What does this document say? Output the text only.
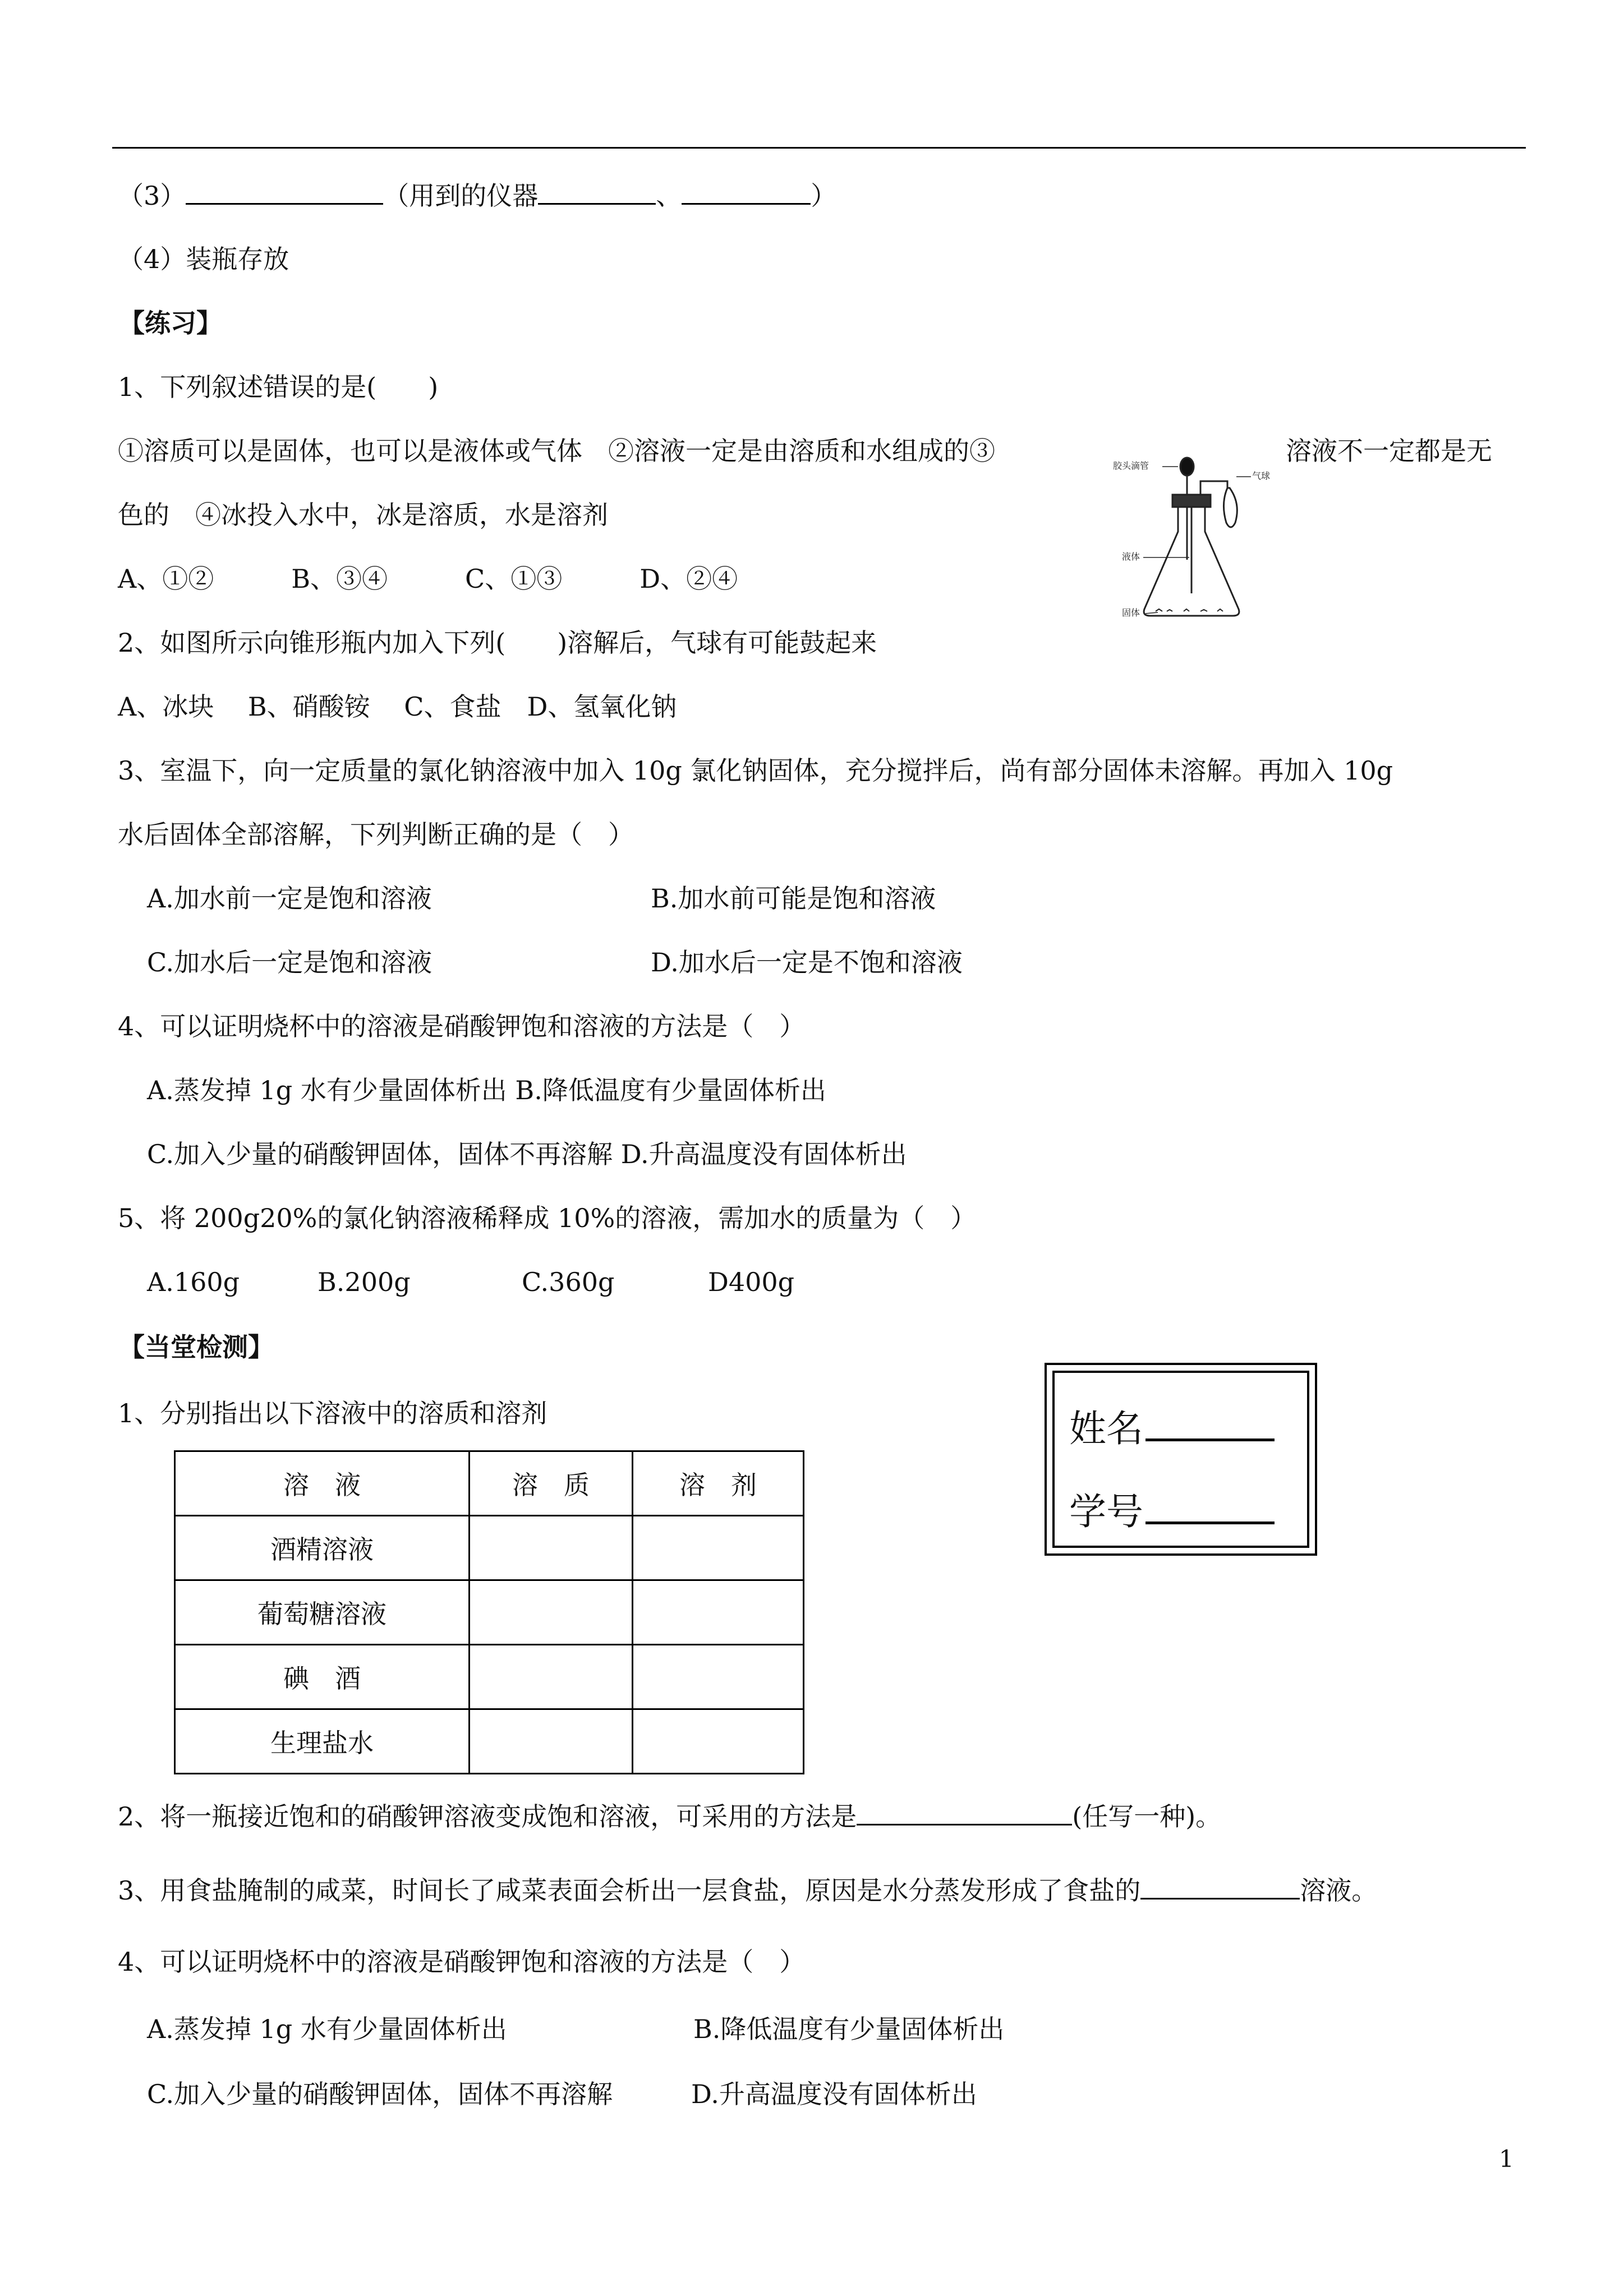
（3）	（用到的仪器	、	）
（4）装瓶存放
【练习】
1、下列叙述错误的是(　　)
①溶质可以是固体，也可以是液体或气体　②溶液一定是由溶质和水组成的③	溶液不一定都是无
色的　④冰投入水中，冰是溶质，水是溶剂
A、①②　　　B、③④　　　C、①③　　　D、②④
胶头滴管
气球
液体
固体
2、如图所示向锥形瓶内加入下列(　　)溶解后，气球有可能鼓起来
A、冰块　 B、硝酸铵　 C、食盐　D、氢氧化钠
3、室温下，向一定质量的氯化钠溶液中加入 10g 氯化钠固体，充分搅拌后，尚有部分固体未溶解。再加入 10g
水后固体全部溶解，下列判断正确的是（　）
A.加水前一定是饱和溶液	B.加水前可能是饱和溶液
C.加水后一定是饱和溶液	D.加水后一定是不饱和溶液
4、可以证明烧杯中的溶液是硝酸钾饱和溶液的方法是（　）
A.蒸发掉 1g 水有少量固体析出 B.降低温度有少量固体析出
C.加入少量的硝酸钾固体，固体不再溶解 D.升高温度没有固体析出
5、将 200g20%的氯化钠溶液稀释成 10%的溶液，需加水的质量为（　）
A.160g	B.200g	C.360g	D400g
【当堂检测】
1、分别指出以下溶液中的溶质和溶剂	姓名
学号
溶　液	溶　质	溶　剂
酒精溶液		
葡萄糖溶液		
碘　酒		
生理盐水		
2、将一瓶接近饱和的硝酸钾溶液变成饱和溶液，可采用的方法是	(任写一种)。
3、用食盐腌制的咸菜，时间长了咸菜表面会析出一层食盐，原因是水分蒸发形成了食盐的	溶液。
4、可以证明烧杯中的溶液是硝酸钾饱和溶液的方法是（　）
A.蒸发掉 1g 水有少量固体析出	B.降低温度有少量固体析出
C.加入少量的硝酸钾固体，固体不再溶解	D.升高温度没有固体析出
1
